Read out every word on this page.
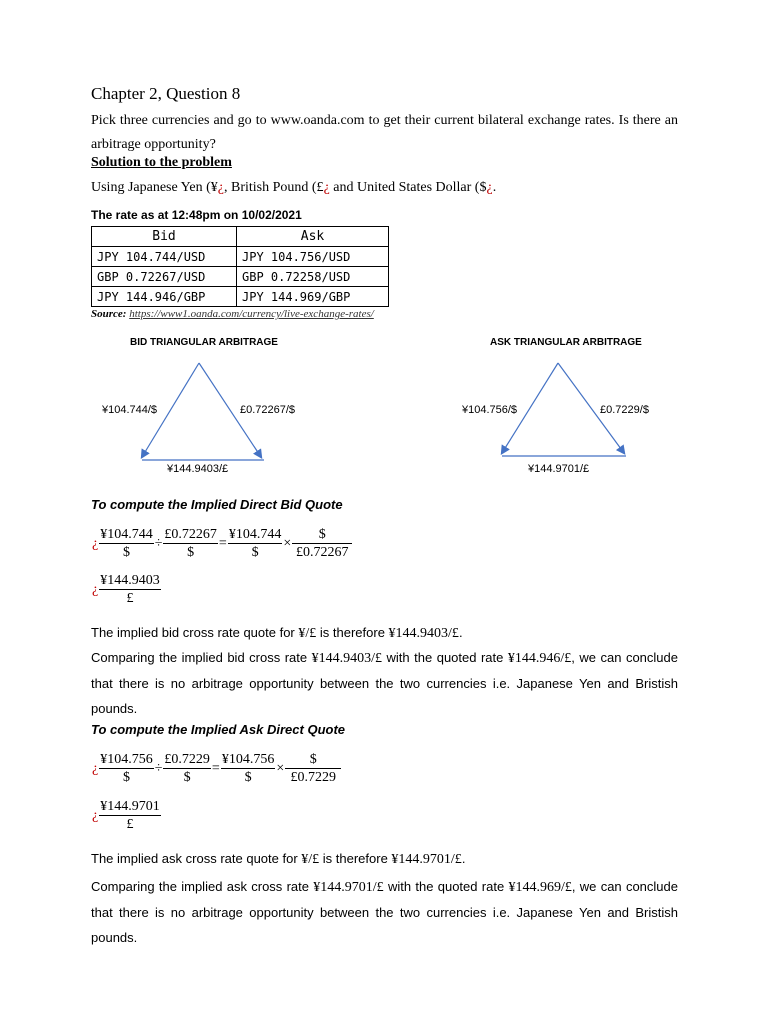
Chapter 2, Question 8
Pick three currencies and go to www.oanda.com to get their current bilateral exchange rates. Is there an arbitrage opportunity?
Solution to the problem
Using Japanese Yen (¥¿, British Pound (£¿ and United States Dollar ($¿.
The rate as at 12:48pm on 10/02/2021
Bid	Ask
JPY 104.744/USD	JPY 104.756/USD
GBP 0.72267/USD	GBP 0.72258/USD
JPY 144.946/GBP	JPY 144.969/GBP
Source: https://www1.oanda.com/currency/live-exchange-rates/
BID TRIANGULAR ARBITRAGE
¥104.744/$	£0.72267/$
¥144.9403/£
ASK TRIANGULAR ARBITRAGE
¥104.756/$	£0.7229/$
¥144.9701/£
To compute the Implied Direct Bid Quote
¿ $\frac{¥104.744}{\$} \div \frac{£0.72267}{\$} = \frac{¥104.744}{\$} \times \frac{\$}{£0.72267}$
¿ $\frac{¥144.9403}{£}$
The implied bid cross rate quote for ¥/£ is therefore ¥144.9403/£.
Comparing the implied bid cross rate ¥144.9403/£ with the quoted rate ¥144.946/£, we can conclude that there is no arbitrage opportunity between the two currencies i.e. Japanese Yen and Bristish pounds.
To compute the Implied Ask Direct Quote
¿ $\frac{¥104.756}{\$} \div \frac{£0.7229}{\$} = \frac{¥104.756}{\$} \times \frac{\$}{£0.7229}$
¿ $\frac{¥144.9701}{£}$
The implied ask cross rate quote for ¥/£ is therefore ¥144.9701/£.
Comparing the implied ask cross rate ¥144.9701/£ with the quoted rate ¥144.969/£, we can conclude that there is no arbitrage opportunity between the two currencies i.e. Japanese Yen and Bristish pounds.
